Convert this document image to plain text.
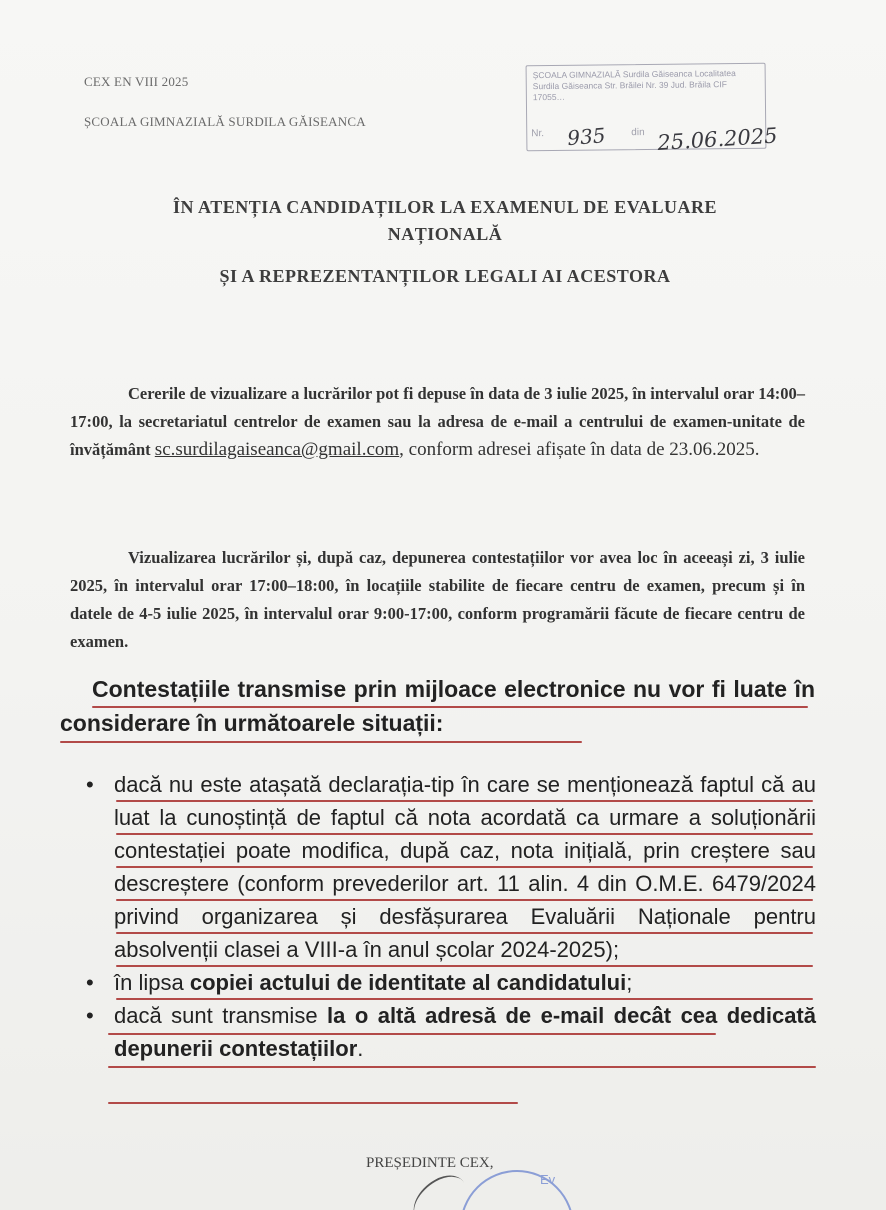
CEX EN VIII 2025
ȘCOALA GIMNAZIALĂ SURDILA GĂISEANCA
ȘCOALA GIMNAZIALĂ Surdila Găiseanca Localitatea Surdila Găiseanca Str. Brăilei Nr. 39 Jud. Brăila CIF 17055…
Nr. 935 din 25.06.2025
ÎN ATENȚIA CANDIDAȚILOR LA EXAMENUL DE EVALUARE
NAȚIONALĂ
ȘI A REPREZENTANȚILOR LEGALI AI ACESTORA
Cererile de vizualizare a lucrărilor pot fi depuse în data de 3 iulie 2025, în intervalul orar 14:00–17:00, la secretariatul centrelor de examen sau la adresa de e-mail a centrului de examen-unitate de învățământ sc.surdilagaiseanca@gmail.com, conform adresei afișate în data de 23.06.2025.
Vizualizarea lucrărilor și, după caz, depunerea contestațiilor vor avea loc în aceeași zi, 3 iulie 2025, în intervalul orar 17:00–18:00, în locațiile stabilite de fiecare centru de examen, precum și în datele de 4-5 iulie 2025, în intervalul orar 9:00-17:00, conform programării făcute de fiecare centru de examen.
Contestațiile transmise prin mijloace electronice nu vor fi luate în considerare în următoarele situații:
• dacă nu este atașată declarația-tip în care se menționează faptul că au luat la cunoștință de faptul că nota acordată ca urmare a soluționării contestației poate modifica, după caz, nota inițială, prin creștere sau descreștere (conform prevederilor art. 11 alin. 4 din O.M.E. 6479/2024 privind organizarea și desfășurarea Evaluării Naționale pentru absolvenții clasei a VIII-a în anul școlar 2024-2025);
• în lipsa copiei actului de identitate al candidatului;
• dacă sunt transmise la o altă adresă de e-mail decât cea dedicată depunerii contestațiilor.
PREȘEDINTE CEX,
Ev
